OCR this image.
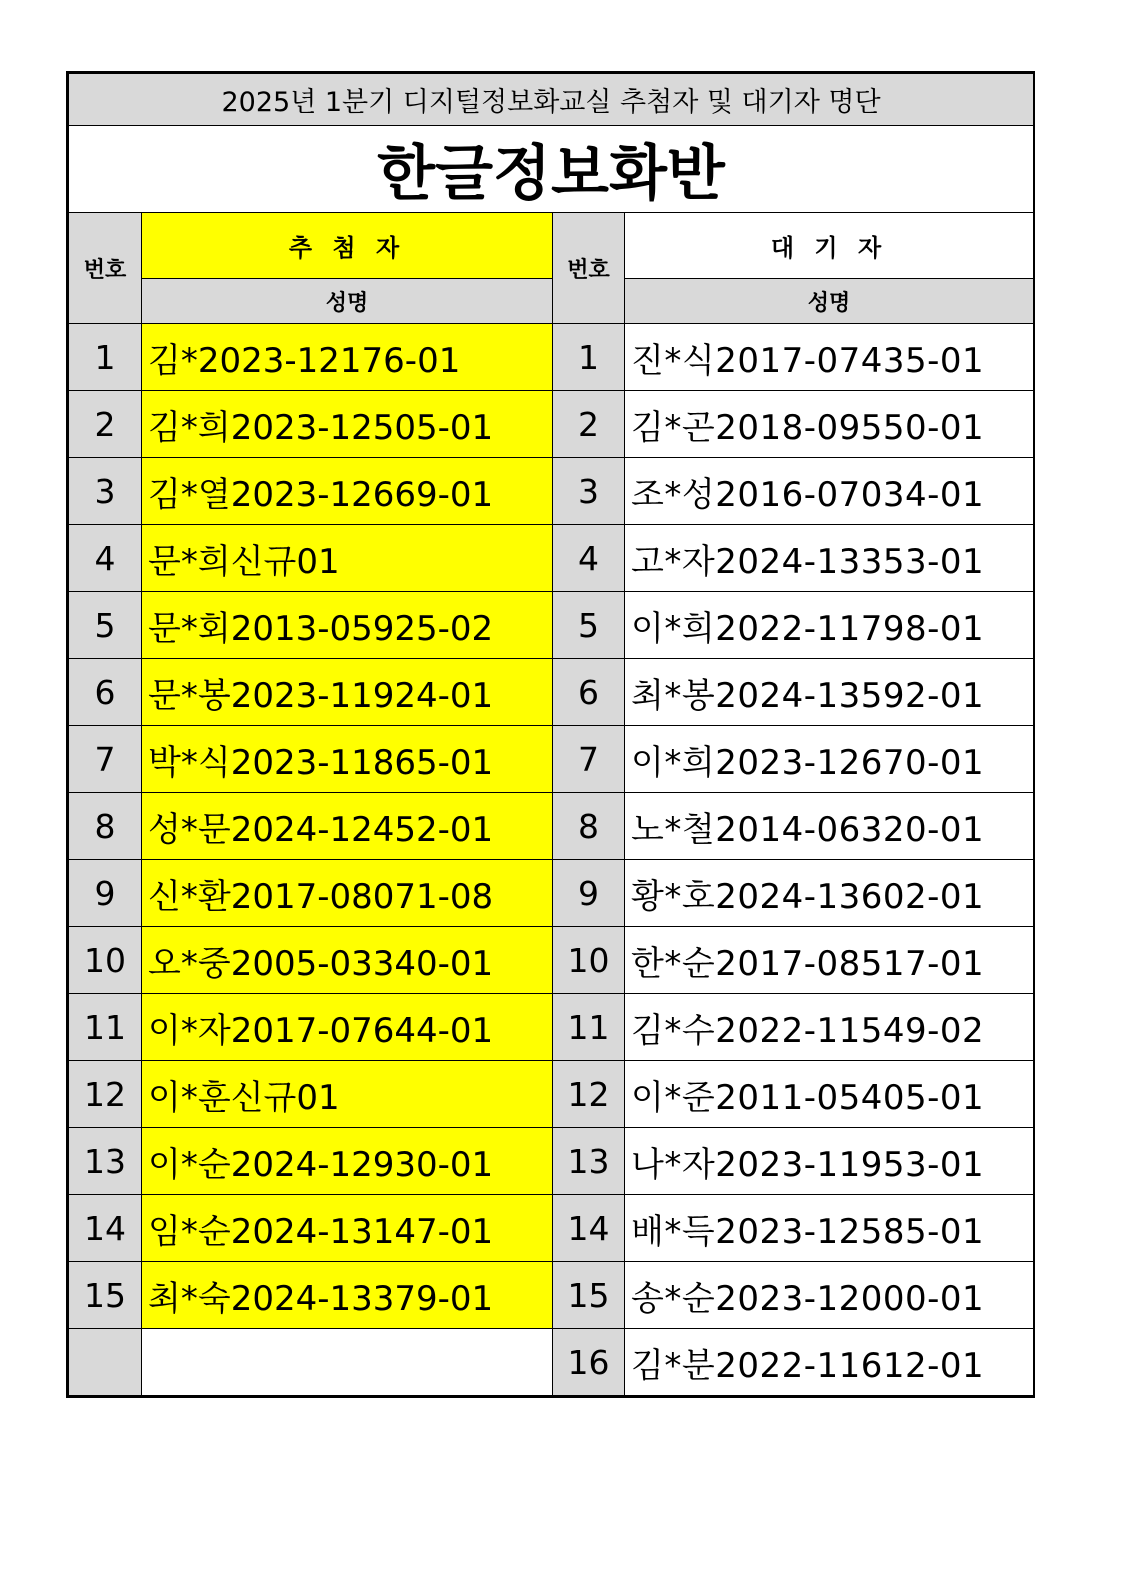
2025년 1분기 디지털정보화교실 추첨자 및 대기자 명단			
한글정보화반			
번호	추 첨 자	번호	대 기 자
	성명		성명
1	김*2023-12176-01	1	진*식2017-07435-01
2	김*희2023-12505-01	2	김*곤2018-09550-01
3	김*열2023-12669-01	3	조*성2016-07034-01
4	문*희신규01	4	고*자2024-13353-01
5	문*회2013-05925-02	5	이*희2022-11798-01
6	문*봉2023-11924-01	6	최*봉2024-13592-01
7	박*식2023-11865-01	7	이*희2023-12670-01
8	성*문2024-12452-01	8	노*철2014-06320-01
9	신*환2017-08071-08	9	황*호2024-13602-01
10	오*중2005-03340-01	10	한*순2017-08517-01
11	이*자2017-07644-01	11	김*수2022-11549-02
12	이*훈신규01	12	이*준2011-05405-01
13	이*순2024-12930-01	13	나*자2023-11953-01
14	임*순2024-13147-01	14	배*득2023-12585-01
15	최*숙2024-13379-01	15	송*순2023-12000-01
		16	김*분2022-11612-01
